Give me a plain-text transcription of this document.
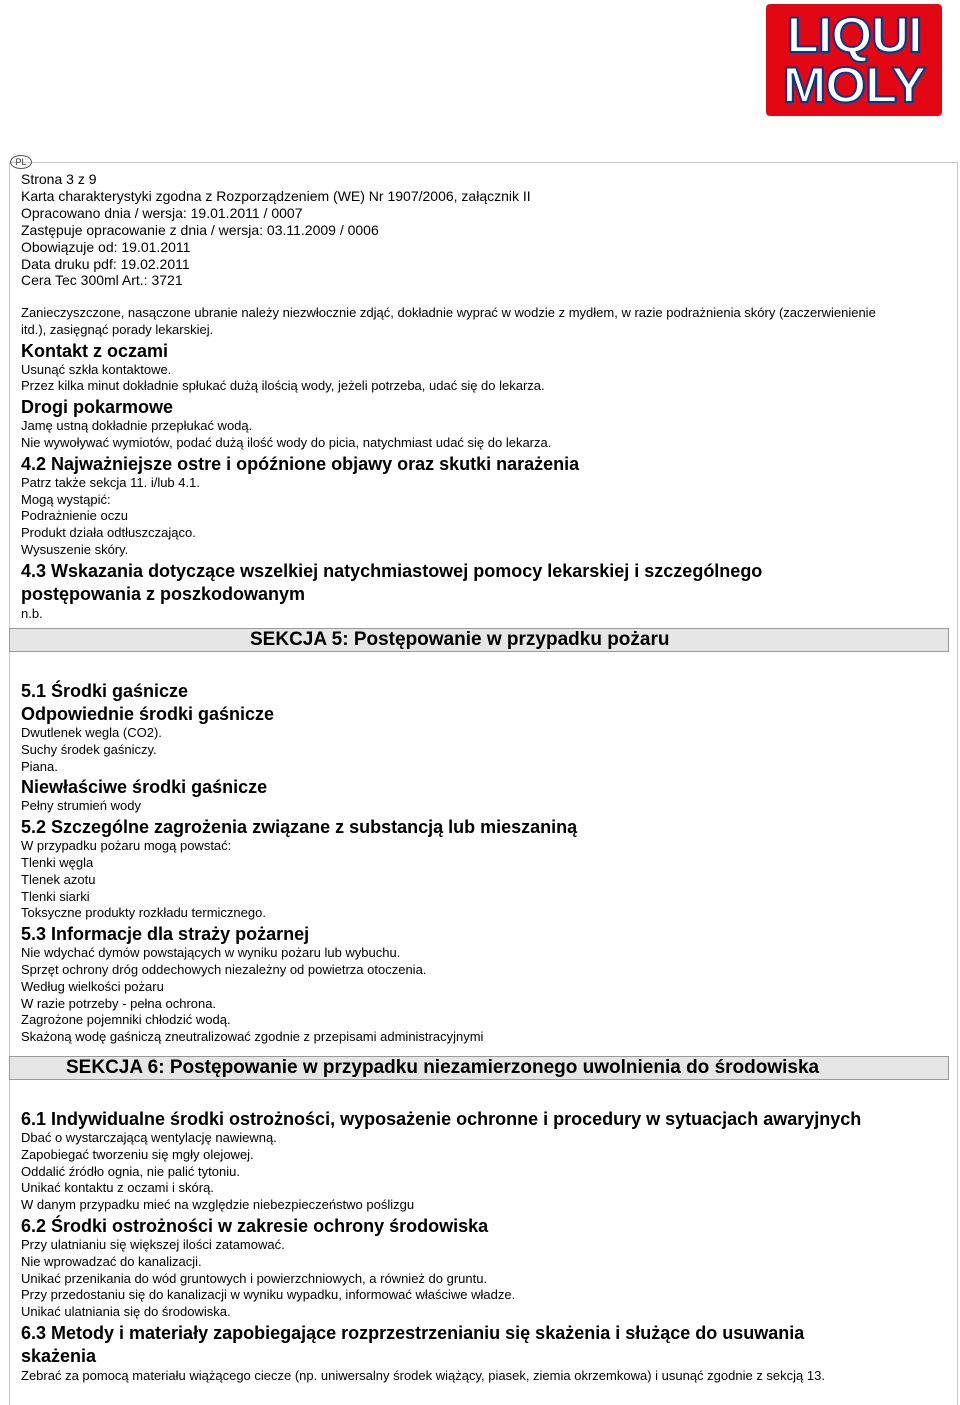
LIQUI
MOLY
PL
Strona 3 z 9
Karta charakterystyki zgodna z Rozporządzeniem (WE) Nr 1907/2006, załącznik II
Opracowano dnia / wersja: 19.01.2011 / 0007
Zastępuje opracowanie z dnia / wersja: 03.11.2009 / 0006
Obowiązuje od: 19.01.2011
Data druku pdf: 19.02.2011
Cera Tec 300ml Art.: 3721
Zanieczyszczone, nasączone ubranie należy niezwłocznie zdjąć, dokładnie wyprać w wodzie z mydłem, w razie podrażnienia skóry (zaczerwienienie itd.), zasięgnąć porady lekarskiej.
Kontakt z oczami
Usunąć szkła kontaktowe.
Przez kilka minut dokładnie spłukać dużą ilością wody, jeżeli potrzeba, udać się do lekarza.
Drogi pokarmowe
Jamę ustną dokładnie przepłukać wodą.
Nie wywoływać wymiotów, podać dużą ilość wody do picia, natychmiast udać się do lekarza.
4.2 Najważniejsze ostre i opóźnione objawy oraz skutki narażenia
Patrz także sekcja 11. i/lub 4.1.
Mogą wystąpić:
Podrażnienie oczu
Produkt działa odtłuszczająco.
Wysuszenie skóry.
4.3 Wskazania dotyczące wszelkiej natychmiastowej pomocy lekarskiej i szczególnego postępowania z poszkodowanym
n.b.
SEKCJA 5: Postępowanie w przypadku pożaru
5.1 Środki gaśnicze
Odpowiednie środki gaśnicze
Dwutlenek wegla (CO2).
Suchy środek gaśniczy.
Piana.
Niewłaściwe środki gaśnicze
Pełny strumień wody
5.2 Szczególne zagrożenia związane z substancją lub mieszaniną
W przypadku pożaru mogą powstać:
Tlenki węgla
Tlenek azotu
Tlenki siarki
Toksyczne produkty rozkładu termicznego.
5.3 Informacje dla straży pożarnej
Nie wdychać dymów powstających w wyniku pożaru lub wybuchu.
Sprzęt ochrony dróg oddechowych niezależny od powietrza otoczenia.
Według wielkości pożaru
W razie potrzeby - pełna ochrona.
Zagrożone pojemniki chłodzić wodą.
Skażoną wodę gaśniczą zneutralizować zgodnie z przepisami administracyjnymi
SEKCJA 6: Postępowanie w przypadku niezamierzonego uwolnienia do środowiska
6.1 Indywidualne środki ostrożności, wyposażenie ochronne i procedury w sytuacjach awaryjnych
Dbać o wystarczającą wentylację nawiewną.
Zapobiegać tworzeniu się mgły olejowej.
Oddalić źródło ognia, nie palić tytoniu.
Unikać kontaktu z oczami i skórą.
W danym przypadku mieć na względzie niebezpieczeństwo poślizgu
6.2 Środki ostrożności w zakresie ochrony środowiska
Przy ulatnianiu się większej ilości zatamować.
Nie wprowadzać do kanalizacji.
Unikać przenikania do wód gruntowych i powierzchniowych, a również do gruntu.
Przy przedostaniu się do kanalizacji w wyniku wypadku, informować właściwe władze.
Unikać ulatniania się do środowiska.
6.3 Metody i materiały zapobiegające rozprzestrzenianiu się skażenia i służące do usuwania skażenia
Zebrać za pomocą materiału wiążącego ciecze (np. uniwersalny środek wiążący, piasek, ziemia okrzemkowa) i usunąć zgodnie z sekcją 13.
